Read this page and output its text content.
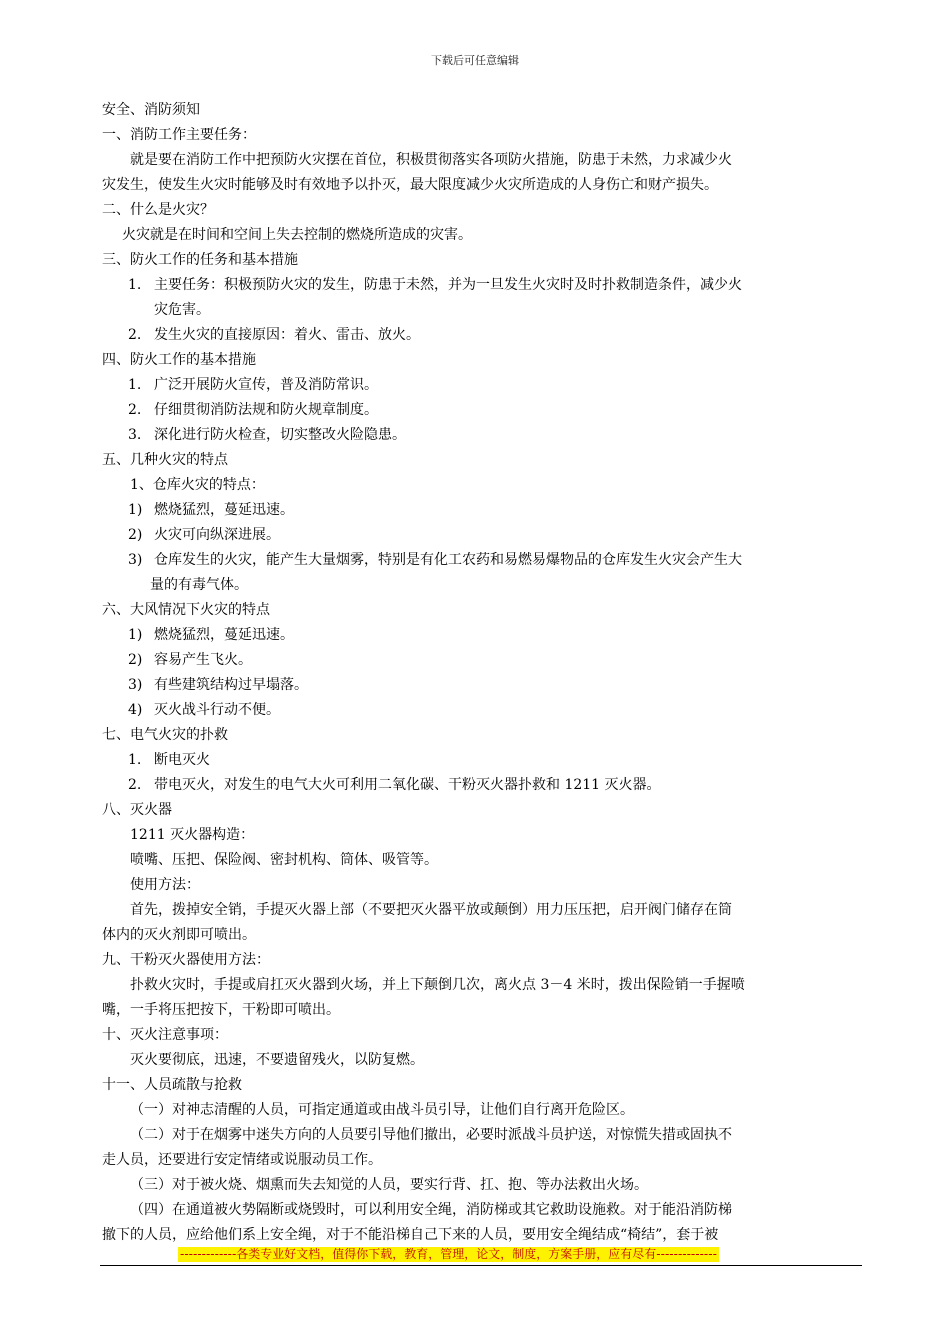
下载后可任意编辑
安全、消防须知
一、消防工作主要任务：
就是要在消防工作中把预防火灾摆在首位，积极贯彻落实各项防火措施，防患于未然，力求减少火
灾发生，使发生火灾时能够及时有效地予以扑灭，最大限度减少火灾所造成的人身伤亡和财产损失。
二、什么是火灾？
火灾就是在时间和空间上失去控制的燃烧所造成的灾害。
三、防火工作的任务和基本措施
1. 主要任务：积极预防火灾的发生，防患于未然，并为一旦发生火灾时及时扑救制造条件，减少火
灾危害。
2. 发生火灾的直接原因：着火、雷击、放火。
四、防火工作的基本措施
1. 广泛开展防火宣传，普及消防常识。
2. 仔细贯彻消防法规和防火规章制度。
3. 深化进行防火检查，切实整改火险隐患。
五、几种火灾的特点
1、仓库火灾的特点：
1) 燃烧猛烈，蔓延迅速。
2) 火灾可向纵深进展。
3) 仓库发生的火灾，能产生大量烟雾，特别是有化工农药和易燃易爆物品的仓库发生火灾会产生大
量的有毒气体。
六、大风情况下火灾的特点
1) 燃烧猛烈，蔓延迅速。
2) 容易产生飞火。
3) 有些建筑结构过早塌落。
4) 灭火战斗行动不便。
七、电气火灾的扑救
1. 断电灭火
2. 带电灭火，对发生的电气大火可利用二氧化碳、干粉灭火器扑救和 1211 灭火器。
八、灭火器
1211 灭火器构造：
喷嘴、压把、保险阀、密封机构、筒体、吸管等。
使用方法：
首先，拨掉安全销，手提灭火器上部（不要把灭火器平放或颠倒）用力压压把，启开阀门储存在筒
体内的灭火剂即可喷出。
九、干粉灭火器使用方法：
扑救火灾时，手提或肩扛灭火器到火场，并上下颠倒几次，离火点 3－4 米时，拨出保险销一手握喷
嘴，一手将压把按下，干粉即可喷出。
十、灭火注意事项：
灭火要彻底，迅速，不要遗留残火，以防复燃。
十一、人员疏散与抢救
（一）对神志清醒的人员，可指定通道或由战斗员引导，让他们自行离开危险区。
（二）对于在烟雾中迷失方向的人员要引导他们撤出，必要时派战斗员护送，对惊慌失措或固执不
走人员，还要进行安定情绪或说服动员工作。
（三）对于被火烧、烟熏而失去知觉的人员，要实行背、扛、抱、等办法救出火场。
（四）在通道被火势隔断或烧毁时，可以利用安全绳，消防梯或其它救助设施救。对于能沿消防梯
撤下的人员，应给他们系上安全绳，对于不能沿梯自己下来的人员，要用安全绳结成“椅结”，套于被
-------------各类专业好文档，值得你下载，教育，管理，论文，制度，方案手册，应有尽有--------------
